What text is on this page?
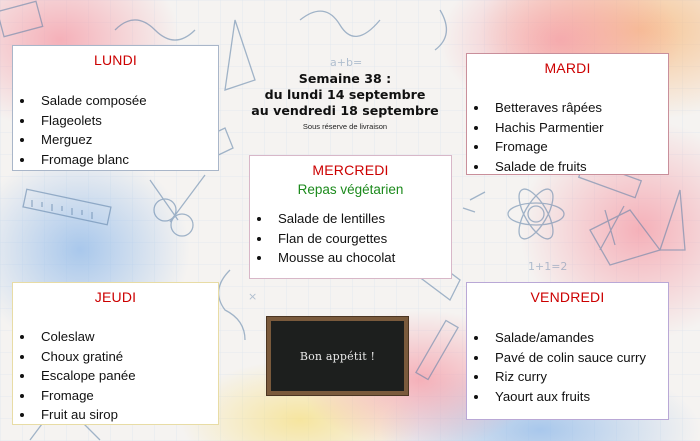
a+b=
1+1=2
×
LUNDI
Salade composée
Flageolets
Merguez
Fromage blanc
Semaine 38 :
du lundi 14 septembre
au vendredi 18 septembre
Sous réserve de livraison
MARDI
Betteraves râpées
Hachis Parmentier
Fromage
Salade de fruits
MERCREDI
Repas végétarien
Salade de lentilles
Flan de courgettes
Mousse au chocolat
JEUDI
Coleslaw
Choux gratiné
Escalope panée
Fromage
Fruit au sirop
Bon appétit !
VENDREDI
Salade/amandes
Pavé de colin sauce curry
Riz curry
Yaourt aux fruits
